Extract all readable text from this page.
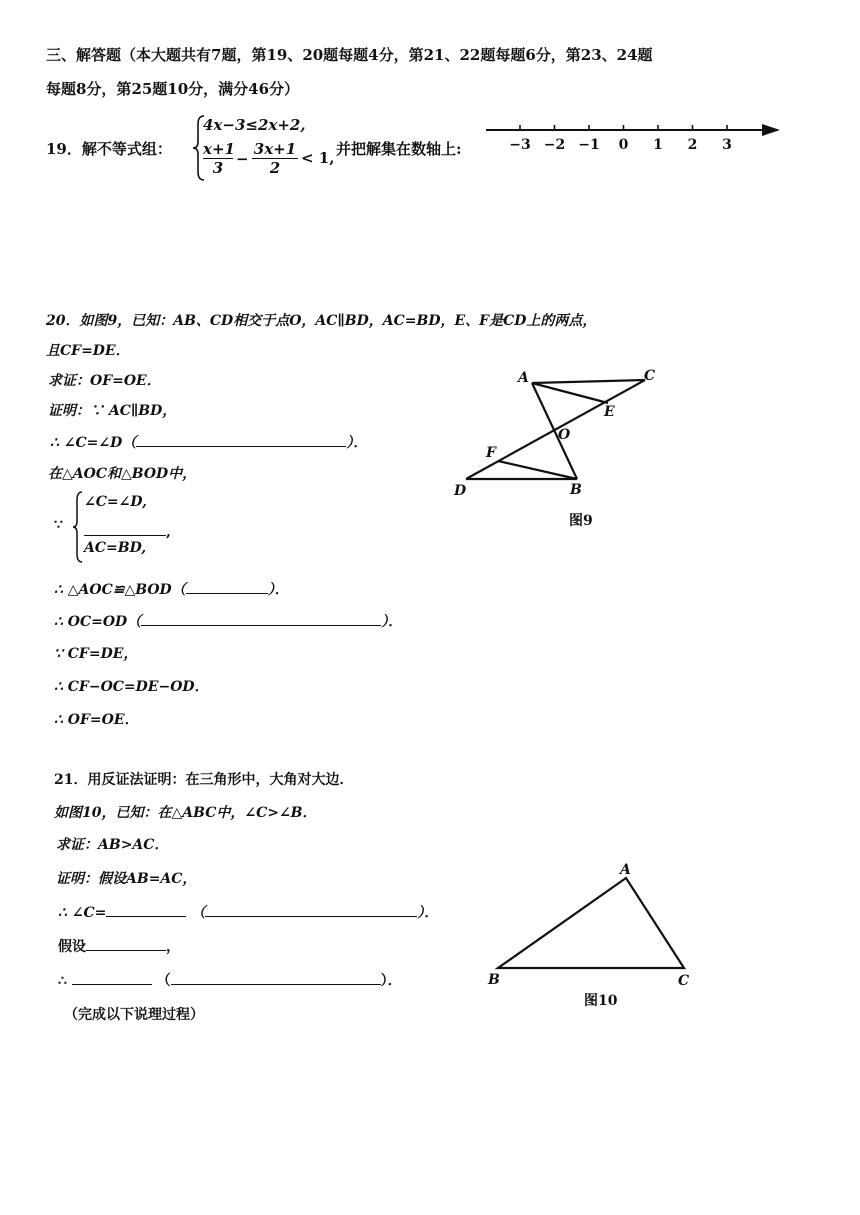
三、解答题（本大题共有7题，第19、20题每题4分，第21、22题每题6分，第23、24题
每题8分，第25题10分，满分46分）
19．解不等式组：
4x−3≤2x+2,
$\frac{x+1}{3} - \frac{3x+1}{2} < 1$, 并把解集在数轴上:	−3 −2 −1 0 1 2 3
20．如图9，已知：AB、CD相交于点O，AC∥BD，AC=BD，E、F是CD上的两点，
且CF=DE．
求证：OF=OE．
证明：∵ AC∥BD，
∴ ∠C=∠D（	）．
在△AOC和△BOD中，
∵
∠C=∠D,
,
AC=BD,
∴ △AOC≌△BOD（	）．
∴ OC=OD（	）．
∵ CF=DE，
∴ CF−OC=DE−OD．
∴ OF=OE．
A	C
E
O
F
D	B
图9
21．用反证法证明：在三角形中，大角对大边．
如图10，已知：在△ABC中，∠C>∠B．
求证：AB>AC．
证明：假设AB=AC，
∴ ∠C=	（	）．
假设	，
∴	（	）．
（完成以下说理过程）
A
B	C
图10
